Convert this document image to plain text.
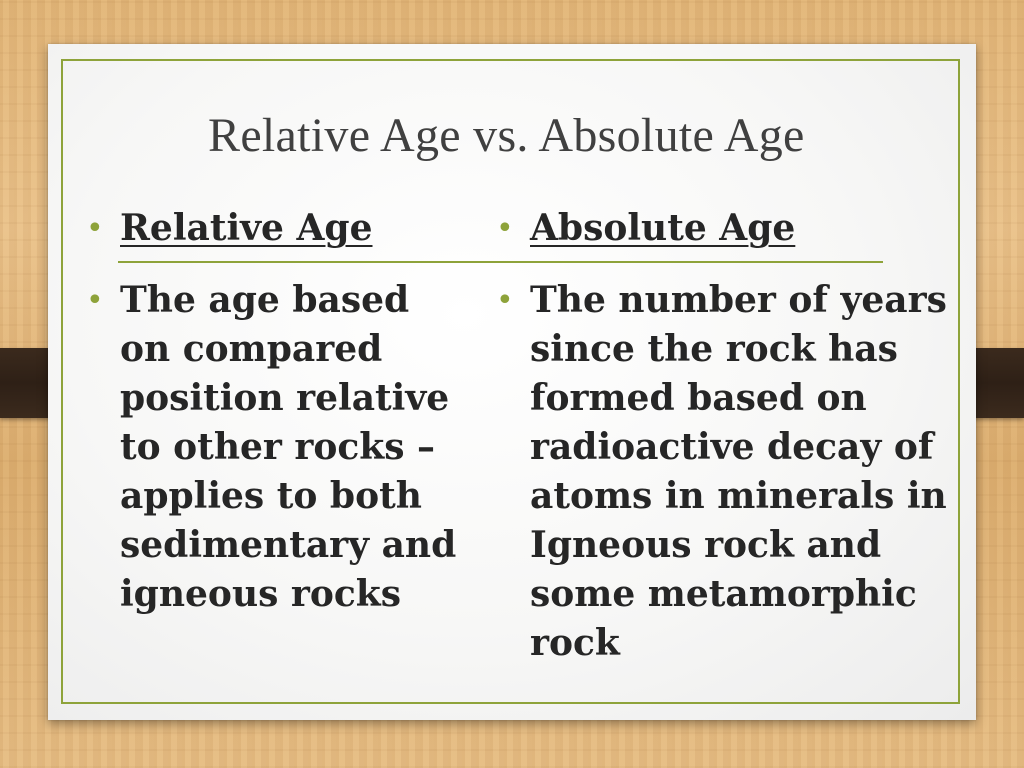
Relative Age vs. Absolute Age
• Relative Age
• The age based on compared position relative to other rocks – applies to both sedimentary and igneous rocks
• Absolute Age
• The number of years since the rock has formed based on radioactive decay of atoms in minerals in Igneous rock and some metamorphic rock
